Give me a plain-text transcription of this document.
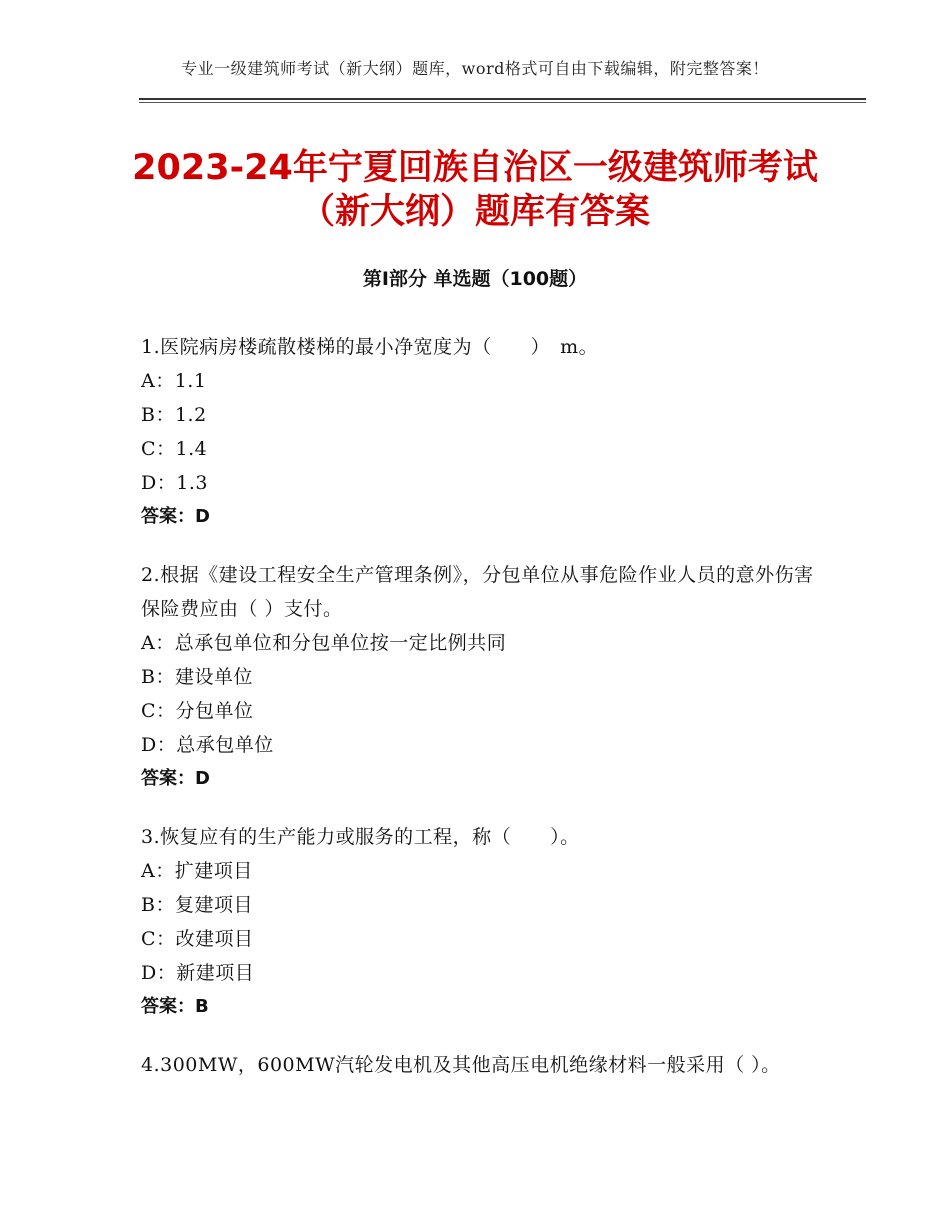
专业一级建筑师考试（新大纲）题库，word格式可自由下载编辑，附完整答案！
2023-24年宁夏回族自治区一级建筑师考试
（新大纲）题库有答案
第Ⅰ部分 单选题（100题）

1.医院病房楼疏散楼梯的最小净宽度为（　　）　m。

A：1.1

B：1.2

C：1.4

D：1.3

答案：D

2.根据《建设工程安全生产管理条例》，分包单位从事危险作业人员的意外伤害保险费应由（ ）支付。

A：总承包单位和分包单位按一定比例共同

B：建设单位

C：分包单位

D：总承包单位

答案：D

3.恢复应有的生产能力或服务的工程，称（　　）。

A：扩建项目

B：复建项目

C：改建项目

D：新建项目

答案：B

4.300MW，600MW汽轮发电机及其他高压电机绝缘材料一般采用（ ）。
